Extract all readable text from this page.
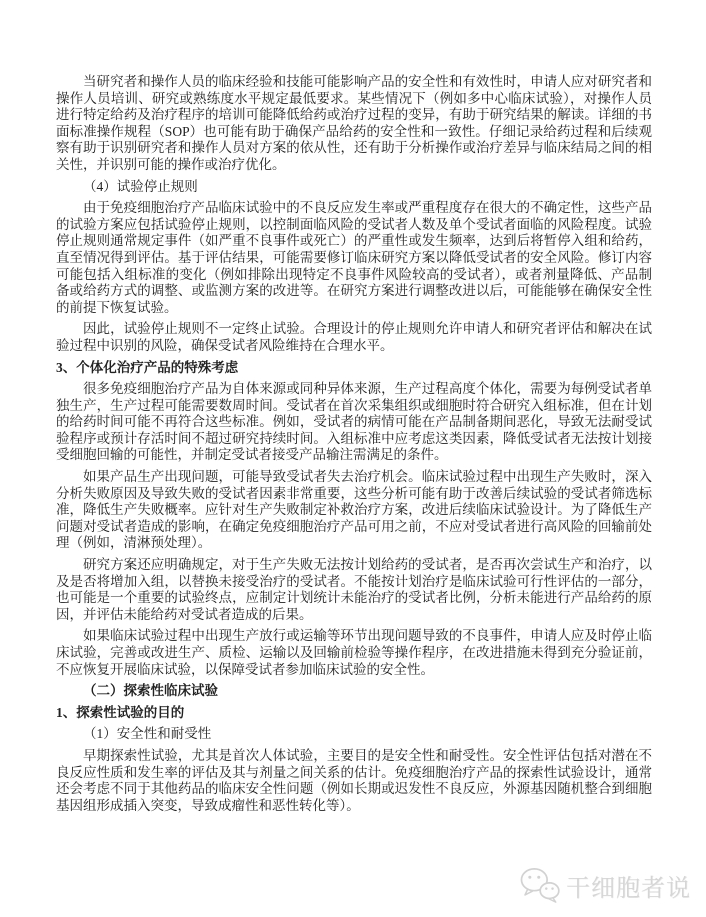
当研究者和操作人员的临床经验和技能可能影响产品的安全性和有效性时，申请人应对研究者和操作人员培训、研究或熟练度水平规定最低要求。某些情况下（例如多中心临床试验），对操作人员进行特定给药及治疗程序的培训可能降低给药或治疗过程的变异，有助于研究结果的解读。详细的书面标准操作规程（SOP）也可能有助于确保产品给药的安全性和一致性。仔细记录给药过程和后续观察有助于识别研究者和操作人员对方案的依从性，还有助于分析操作或治疗差异与临床结局之间的相关性，并识别可能的操作或治疗优化。

（4）试验停止规则

由于免疫细胞治疗产品临床试验中的不良反应发生率或严重程度存在很大的不确定性，这些产品的试验方案应包括试验停止规则，以控制面临风险的受试者人数及单个受试者面临的风险程度。试验停止规则通常规定事件（如严重不良事件或死亡）的严重性或发生频率，达到后将暂停入组和给药，直至情况得到评估。基于评估结果，可能需要修订临床研究方案以降低受试者的安全风险。修订内容可能包括入组标准的变化（例如排除出现特定不良事件风险较高的受试者），或者剂量降低、产品制备或给药方式的调整、或监测方案的改进等。在研究方案进行调整改进以后，可能能够在确保安全性的前提下恢复试验。

因此，试验停止规则不一定终止试验。合理设计的停止规则允许申请人和研究者评估和解决在试验过程中识别的风险，确保受试者风险维持在合理水平。

3、个体化治疗产品的特殊考虑

很多免疫细胞治疗产品为自体来源或同种异体来源，生产过程高度个体化，需要为每例受试者单独生产，生产过程可能需要数周时间。受试者在首次采集组织或细胞时符合研究入组标准，但在计划的给药时间可能不再符合这些标准。例如，受试者的病情可能在产品制备期间恶化，导致无法耐受试验程序或预计存活时间不超过研究持续时间。入组标准中应考虑这类因素，降低受试者无法按计划接受细胞回输的可能性，并制定受试者接受产品输注需满足的条件。

如果产品生产出现问题，可能导致受试者失去治疗机会。临床试验过程中出现生产失败时，深入分析失败原因及导致失败的受试者因素非常重要，这些分析可能有助于改善后续试验的受试者筛选标准，降低生产失败概率。应针对生产失败制定补救治疗方案，改进后续临床试验设计。为了降低生产问题对受试者造成的影响，在确定免疫细胞治疗产品可用之前，不应对受试者进行高风险的回输前处理（例如，清淋预处理）。

研究方案还应明确规定，对于生产失败无法按计划给药的受试者，是否再次尝试生产和治疗，以及是否将增加入组，以替换未接受治疗的受试者。不能按计划治疗是临床试验可行性评估的一部分，也可能是一个重要的试验终点，应制定计划统计未能治疗的受试者比例，分析未能进行产品给药的原因，并评估未能给药对受试者造成的后果。

如果临床试验过程中出现生产放行或运输等环节出现问题导致的不良事件，申请人应及时停止临床试验，完善或改进生产、质检、运输以及回输前检验等操作程序，在改进措施未得到充分验证前，不应恢复开展临床试验，以保障受试者参加临床试验的安全性。

（二）探索性临床试验

1、探索性试验的目的

（1）安全性和耐受性

早期探索性试验，尤其是首次人体试验，主要目的是安全性和耐受性。安全性评估包括对潜在不良反应性质和发生率的评估及其与剂量之间关系的估计。免疫细胞治疗产品的探索性试验设计，通常还会考虑不同于其他药品的临床安全性问题（例如长期或迟发性不良反应，外源基因随机整合到细胞基因组形成插入突变，导致成瘤性和恶性转化等）。

干细胞者说
